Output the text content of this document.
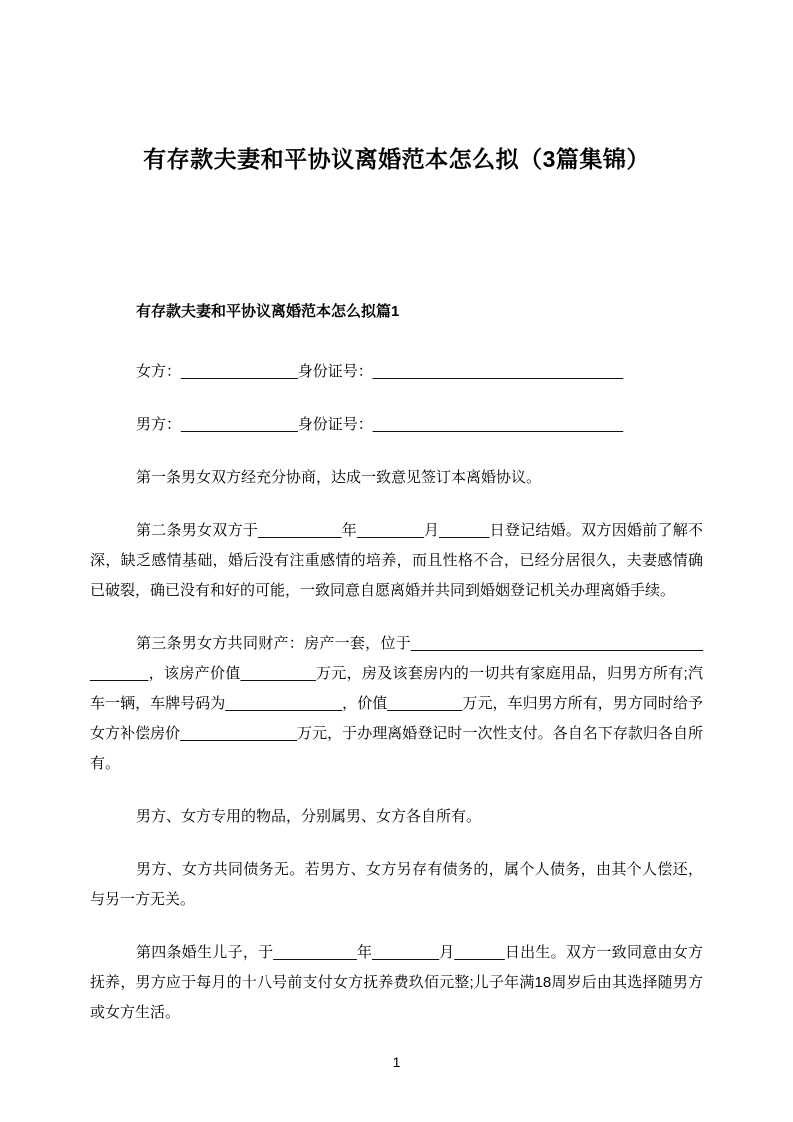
有存款夫妻和平协议离婚范本怎么拟（3篇集锦）

有存款夫妻和平协议离婚范本怎么拟篇1

女方：______________身份证号：______________________________

男方：______________身份证号：______________________________

第一条男女双方经充分协商，达成一致意见签订本离婚协议。

第二条男女双方于__________年________月______日登记结婚。双方因婚前了解不深，缺乏感情基础，婚后没有注重感情的培养，而且性格不合，已经分居很久，夫妻感情确已破裂，确已没有和好的可能，一致同意自愿离婚并共同到婚姻登记机关办理离婚手续。

第三条男女方共同财产：房产一套，位于__________________________________________，该房产价值_________万元，房及该套房内的一切共有家庭用品，归男方所有;汽车一辆，车牌号码为______________，价值_________万元，车归男方所有，男方同时给予女方补偿房价______________万元，于办理离婚登记时一次性支付。各自名下存款归各自所有。

男方、女方专用的物品，分别属男、女方各自所有。

男方、女方共同债务无。若男方、女方另存有债务的，属个人债务，由其个人偿还，与另一方无关。

第四条婚生儿子，于__________年________月______日出生。双方一致同意由女方抚养，男方应于每月的十八号前支付女方抚养费玖佰元整;儿子年满18周岁后由其选择随男方或女方生活。

1
